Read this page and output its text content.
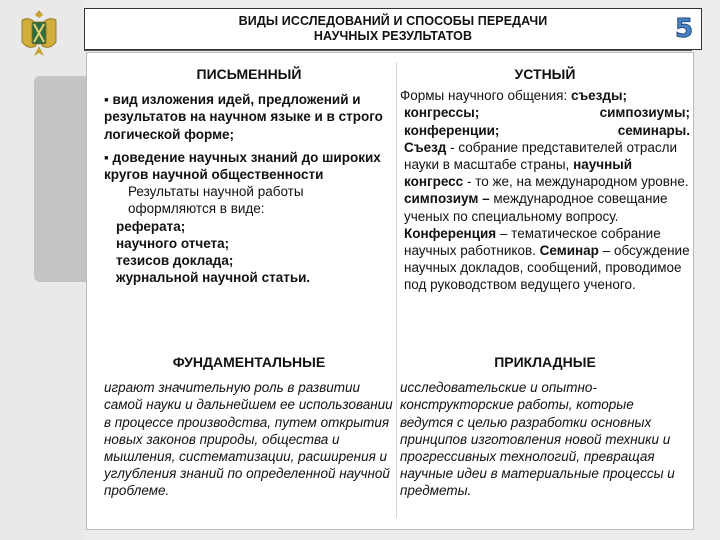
ВИДЫ ИССЛЕДОВАНИЙ И СПОСОБЫ ПЕРЕДАЧИ
НАУЧНЫХ РЕЗУЛЬТАТОВ	5
ПИСЬМЕННЫЙ
▪ вид изложения идей, предложений и результатов на научном языке и в строго логической форме;
▪ доведение научных знаний до широких кругов научной общественности
Результаты научной работы оформляются в виде:
реферата;
научного отчета;
тезисов доклада;
журнальной научной статьи.
УСТНЫЙ
Формы научного общения: съезды;
конгрессы;	симпозиумы;
конференции;	семинары.
Съезд - собрание представителей отрасли науки в масштабе страны, научный конгресс - то же, на международном уровне. симпозиум – международное совещание ученых по специальному вопросу. Конференция – тематическое собрание научных работников. Семинар – обсуждение научных докладов, сообщений, проводимое под руководством ведущего ученого.
ФУНДАМЕНТАЛЬНЫЕ
играют значительную роль в развитии самой науки и дальнейшем ее использовании в процессе производства, путем открытия новых законов природы, общества и мышления, систематизации, расширения и углубления знаний по определенной научной проблеме.
ПРИКЛАДНЫЕ
исследовательские и опытно-конструкторские работы, которые ведутся с целью разработки основных принципов изготовления новой техники и прогрессивных технологий, превращая научные идеи в материальные процессы и предметы.
